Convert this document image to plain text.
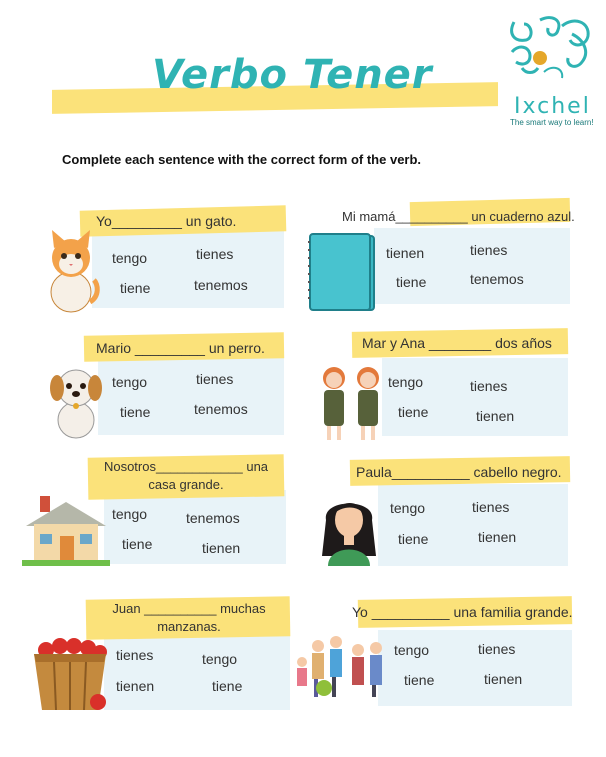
Verbo Tener
Ixchel
The smart way to learn!
Complete each sentence with the correct form of the verb.
Yo_________ un gato.
tengo	tienes
tiene	tenemos
Mi mamá__________ un cuaderno azul.
tienen	tienes
tiene	tenemos
Mario _________ un perro.
tengo	tienes
tiene	tenemos
Mar y Ana ________ dos años
tengo	tienes
tiene	tienen
Nosotros____________ una casa grande.
tengo	tenemos
tiene	tienen
Paula__________ cabello negro.
tengo	tienes
tiene	tienen
Juan __________ muchas manzanas.
tienes	tengo
tienen	tiene
Yo __________ una familia grande.
tengo	tienes
tiene	tienen
